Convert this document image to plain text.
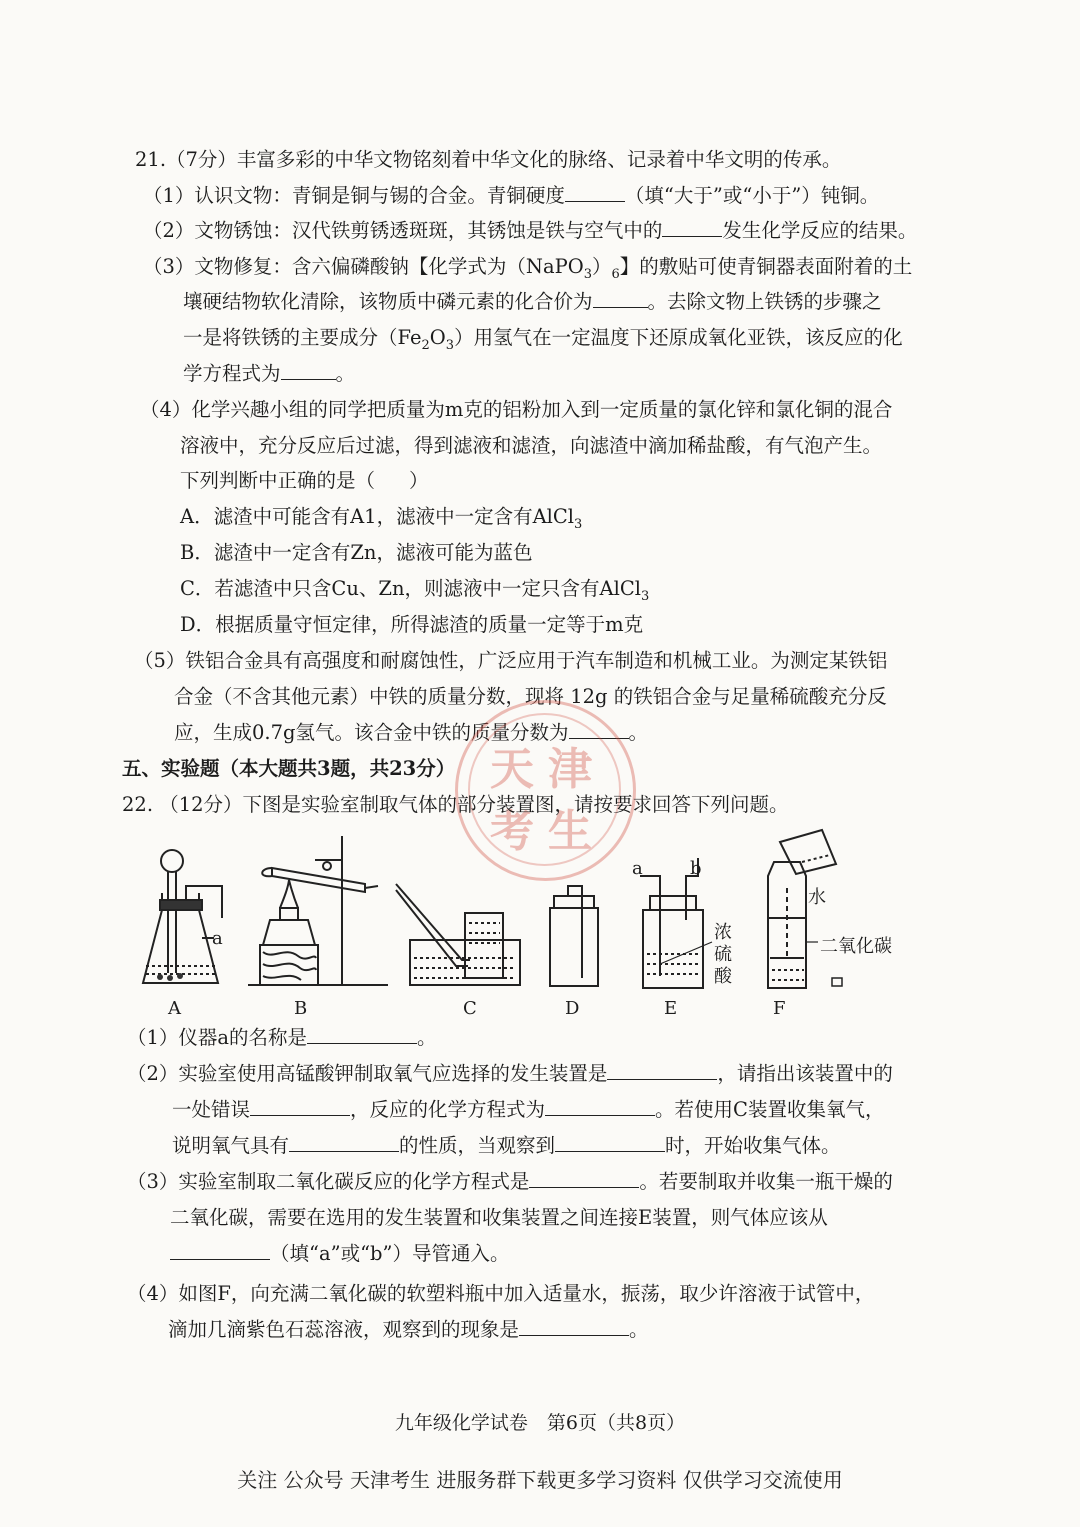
21.（7分）丰富多彩的中华文物铭刻着中华文化的脉络、记录着中华文明的传承。
（1）认识文物：青铜是铜与锡的合金。青铜硬度	（填“大于”或“小于”）钝铜。
（2）文物锈蚀：汉代铁剪锈透斑斑，其锈蚀是铁与空气中的	发生化学反应的结果。
（3）文物修复：含六偏磷酸钠【化学式为$(NaPO_3)_6$】的敷贴可使青铜器表面附着的土
壤硬结物软化清除，该物质中磷元素的化合价为	。去除文物上铁锈的步骤之
一是将铁锈的主要成分$(Fe_2O_3)$用氢气在一定温度下还原成氧化亚铁，该反应的化
学方程式为	。
（4）化学兴趣小组的同学把质量为m克的铝粉加入到一定质量的氯化锌和氯化铜的混合
溶液中，充分反应后过滤，得到滤液和滤渣，向滤渣中滴加稀盐酸，有气泡产生。
下列判断中正确的是（ ）
A．滤渣中可能含有A1，滤液中一定含有AlCl$_3$
B．滤渣中一定含有Zn，滤液可能为蓝色
C．若滤渣中只含Cu、Zn，则滤液中一定只含有AlCl$_3$
D．根据质量守恒定律，所得滤渣的质量一定等于m克
（5）铁铝合金具有高强度和耐腐蚀性，广泛应用于汽车制造和机械工业。为测定某铁铝
合金（不含其他元素）中铁的质量分数，现将 12g 的铁铝合金与足量稀硫酸充分反
应，生成0.7g氢气。该合金中铁的质量分数为	。
天 津
考 生
五、实验题（本大题共3题，共23分）
22. （12分）下图是实验室制取气体的部分装置图，请按要求回答下列问题。
a
a	b
浓
硫
酸
水
二氧化碳
A	B	C	D	E	F
（1）仪器a的名称是	。
（2）实验室使用高锰酸钾制取氧气应选择的发生装置是	，请指出该装置中的
一处错误	，反应的化学方程式为	。若使用C装置收集氧气，
说明氧气具有	的性质，当观察到	时，开始收集气体。
（3）实验室制取二氧化碳反应的化学方程式是	。若要制取并收集一瓶干燥的
二氧化碳，需要在选用的发生装置和收集装置之间连接E装置，则气体应该从
（填“a”或“b”）导管通入。
（4）如图F，向充满二氧化碳的软塑料瓶中加入适量水，振荡，取少许溶液于试管中，
滴加几滴紫色石蕊溶液，观察到的现象是	。
九年级化学试卷　第6页（共8页）
关注 公众号 天津考生 进服务群下载更多学习资料 仅供学习交流使用
